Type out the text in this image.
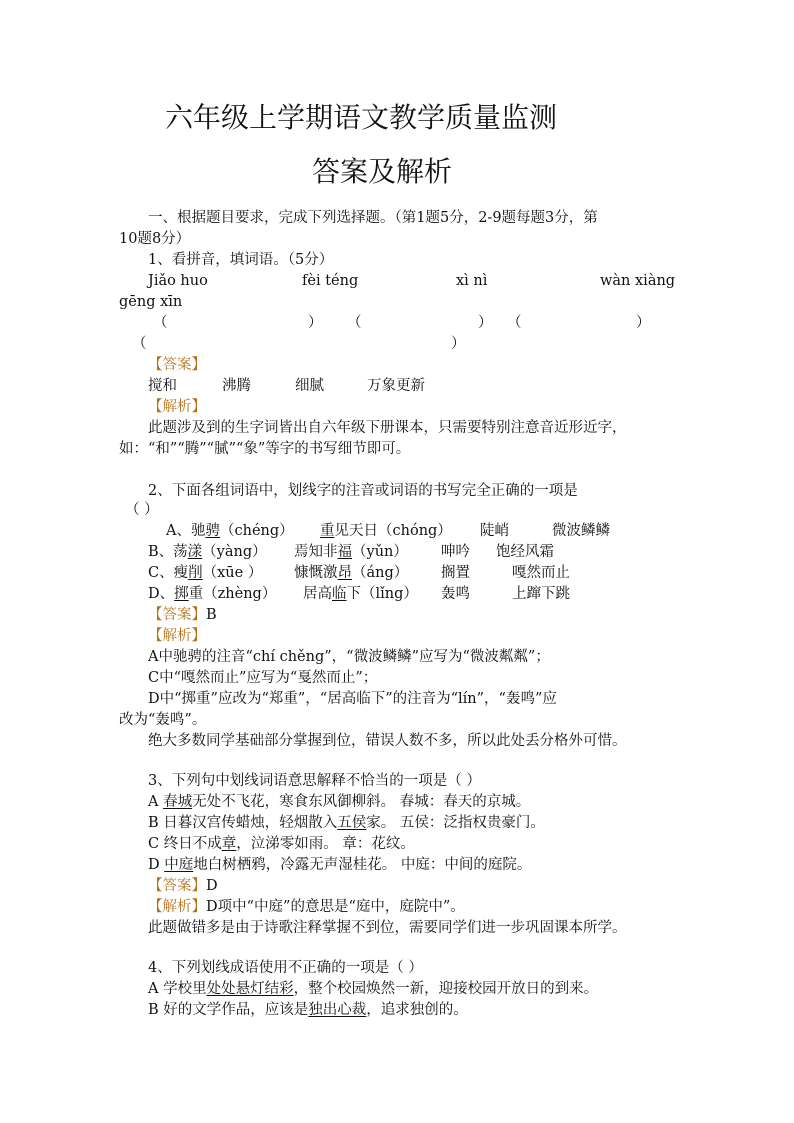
六年级上学期语文教学质量监测
答案及解析
一、根据题目要求，完成下列选择题。（第1题5分，2-9题每题3分，第
10题8分）
1、看拼音，填词语。（5分）
Jiǎo huo	fèi téng	xì nì	wàn xiàng
gēng xīn
（	） （	） （	）
（	）
【答案】
搅和	沸腾	细腻	万象更新
【解析】
此题涉及到的生字词皆出自六年级下册课本，只需要特别注意音近形近字，
如：“和”“腾”“腻”“象”等字的书写细节即可。
2、下面各组词语中，划线字的注音或词语的书写完全正确的一项是
（ ）
A、驰骋（chéng） 重见天日（chóng） 陡峭	微波鳞鳞
B、荡漾（yàng） 焉知非福（yǔn） 呻吟 饱经风霜
C、瘦削（xūe ） 慷慨激昂（áng） 搁置	嘎然而止
D、掷重（zhèng） 居高临下（lǐng） 轰鸣	上蹿下跳
【答案】B
【解析】
A中驰骋的注音“chí chěng”，“微波鳞鳞”应写为“微波粼粼”；
C中“嘎然而止”应写为“戛然而止”；
D中“掷重”应改为“郑重”，“居高临下”的注音为“lín”，“轰鸣”应
改为“轰鸣”。
绝大多数同学基础部分掌握到位，错误人数不多，所以此处丢分格外可惜。
3、下列句中划线词语意思解释不恰当的一项是（ ）
A 春城无处不飞花，寒食东风御柳斜。 春城：春天的京城。
B 日暮汉宫传蜡烛，轻烟散入五侯家。 五侯：泛指权贵豪门。
C 终日不成章，泣涕零如雨。 章：花纹。
D 中庭地白树栖鸦，冷露无声湿桂花。 中庭：中间的庭院。
【答案】D
【解析】D项中“中庭”的意思是“庭中，庭院中”。
此题做错多是由于诗歌注释掌握不到位，需要同学们进一步巩固课本所学。
4、下列划线成语使用不正确的一项是（ ）
A 学校里处处悬灯结彩，整个校园焕然一新，迎接校园开放日的到来。
B 好的文学作品，应该是独出心裁，追求独创的。
